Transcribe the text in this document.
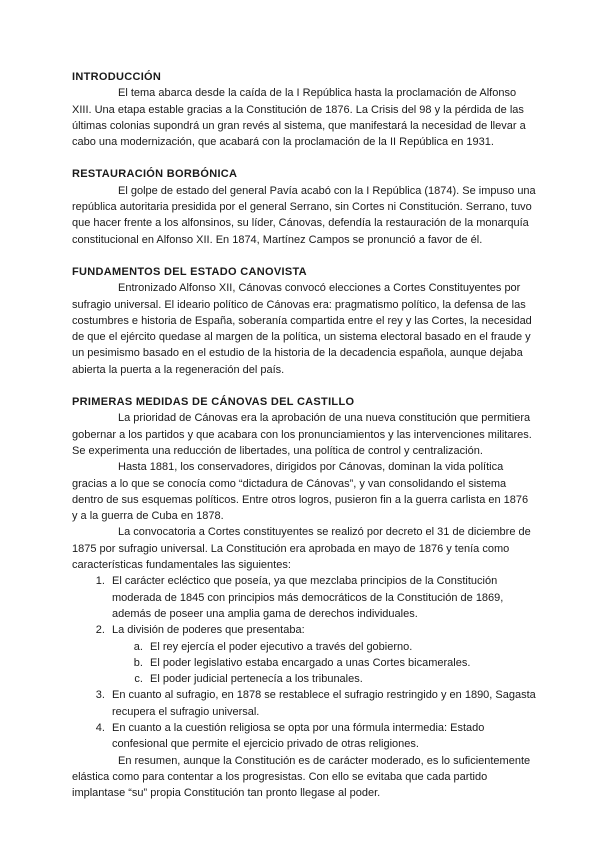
INTRODUCCIÓN

El tema abarca desde la caída de la I República hasta la proclamación de Alfonso XIII. Una etapa estable gracias a la Constitución de 1876. La Crisis del 98 y la pérdida de las últimas colonias supondrá un gran revés al sistema, que manifestará la necesidad de llevar a cabo una modernización, que acabará con la proclamación de la II República en 1931.

RESTAURACIÓN BORBÓNICA

El golpe de estado del general Pavía acabó con la I República (1874). Se impuso una república autoritaria presidida por el general Serrano, sin Cortes ni Constitución. Serrano, tuvo que hacer frente a los alfonsinos, su líder, Cánovas, defendía la restauración de la monarquía constitucional en Alfonso XII. En 1874, Martínez Campos se pronunció a favor de él.

FUNDAMENTOS DEL ESTADO CANOVISTA

Entronizado Alfonso XII, Cánovas convocó elecciones a Cortes Constituyentes por sufragio universal. El ideario político de Cánovas era: pragmatismo político, la defensa de las costumbres e historia de España, soberanía compartida entre el rey y las Cortes, la necesidad de que el ejército quedase al margen de la política, un sistema electoral basado en el fraude y un pesimismo basado en el estudio de la historia de la decadencia española, aunque dejaba abierta la puerta a la regeneración del país.

PRIMERAS MEDIDAS DE CÁNOVAS DEL CASTILLO

La prioridad de Cánovas era la aprobación de una nueva constitución que permitiera gobernar a los partidos y que acabara con los pronunciamientos y las intervenciones militares. Se experimenta una reducción de libertades, una política de control y centralización.

Hasta 1881, los conservadores, dirigidos por Cánovas, dominan la vida política gracias a lo que se conocía como “dictadura de Cánovas”, y van consolidando el sistema dentro de sus esquemas políticos. Entre otros logros, pusieron fin a la guerra carlista en 1876 y a la guerra de Cuba en 1878.

La convocatoria a Cortes constituyentes se realizó por decreto el 31 de diciembre de 1875 por sufragio universal. La Constitución era aprobada en mayo de 1876 y tenía como características fundamentales las siguientes:

1. El carácter ecléctico que poseía, ya que mezclaba principios de la Constitución moderada de 1845 con principios más democráticos de la Constitución de 1869, además de poseer una amplia gama de derechos individuales.
2. La división de poderes que presentaba:
a. El rey ejercía el poder ejecutivo a través del gobierno.
b. El poder legislativo estaba encargado a unas Cortes bicamerales.
c. El poder judicial pertenecía a los tribunales.
3. En cuanto al sufragio, en 1878 se restablece el sufragio restringido y en 1890, Sagasta recupera el sufragio universal.
4. En cuanto a la cuestión religiosa se opta por una fórmula intermedia: Estado confesional que permite el ejercicio privado de otras religiones.

En resumen, aunque la Constitución es de carácter moderado, es lo suficientemente elástica como para contentar a los progresistas. Con ello se evitaba que cada partido implantase “su” propia Constitución tan pronto llegase al poder.
